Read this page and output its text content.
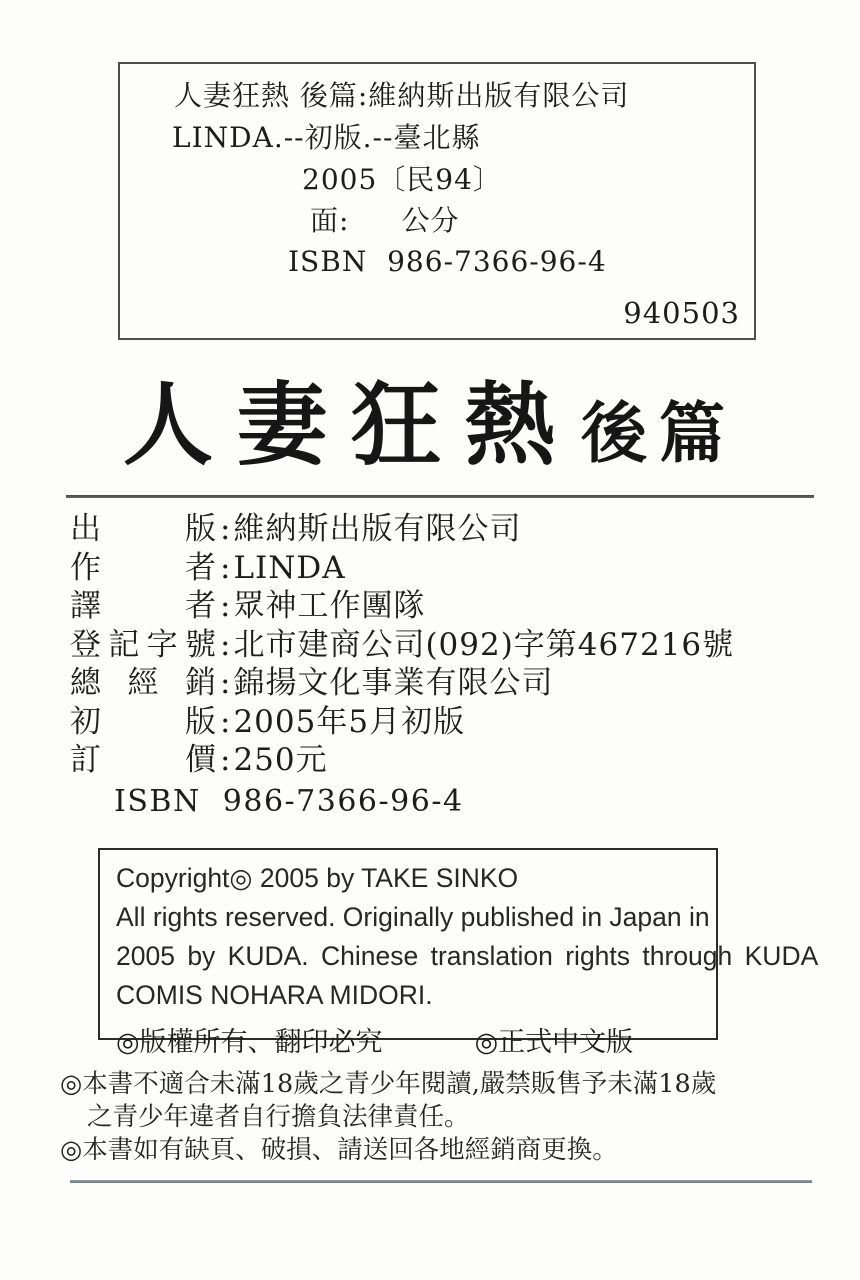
人妻狂熱 後篇:維納斯出版有限公司
LINDA.--初版.--臺北縣
2005〔民94〕
面: 公分
ISBN  986-7366-96-4
940503
人妻狂熱後篇
出版 :維納斯出版有限公司
作者 :LINDA
譯者 :眾神工作團隊
登記字號 :北市建商公司(092)字第467216號
總經銷 :錦揚文化事業有限公司
初版 :2005年5月初版
訂價 :250元
ISBN  986-7366-96-4
Copyright◎ 2005 by TAKE SINKO
All rights reserved. Originally published in Japan in
2005 by KUDA. Chinese translation rights through KUDA
COMIS NOHARA MIDORI.
◎版權所有、翻印必究	◎正式中文版
◎本書不適合未滿18歲之青少年閱讀,嚴禁販售予未滿18歲
之青少年違者自行擔負法律責任。
◎本書如有缺頁、破損、請送回各地經銷商更換。
